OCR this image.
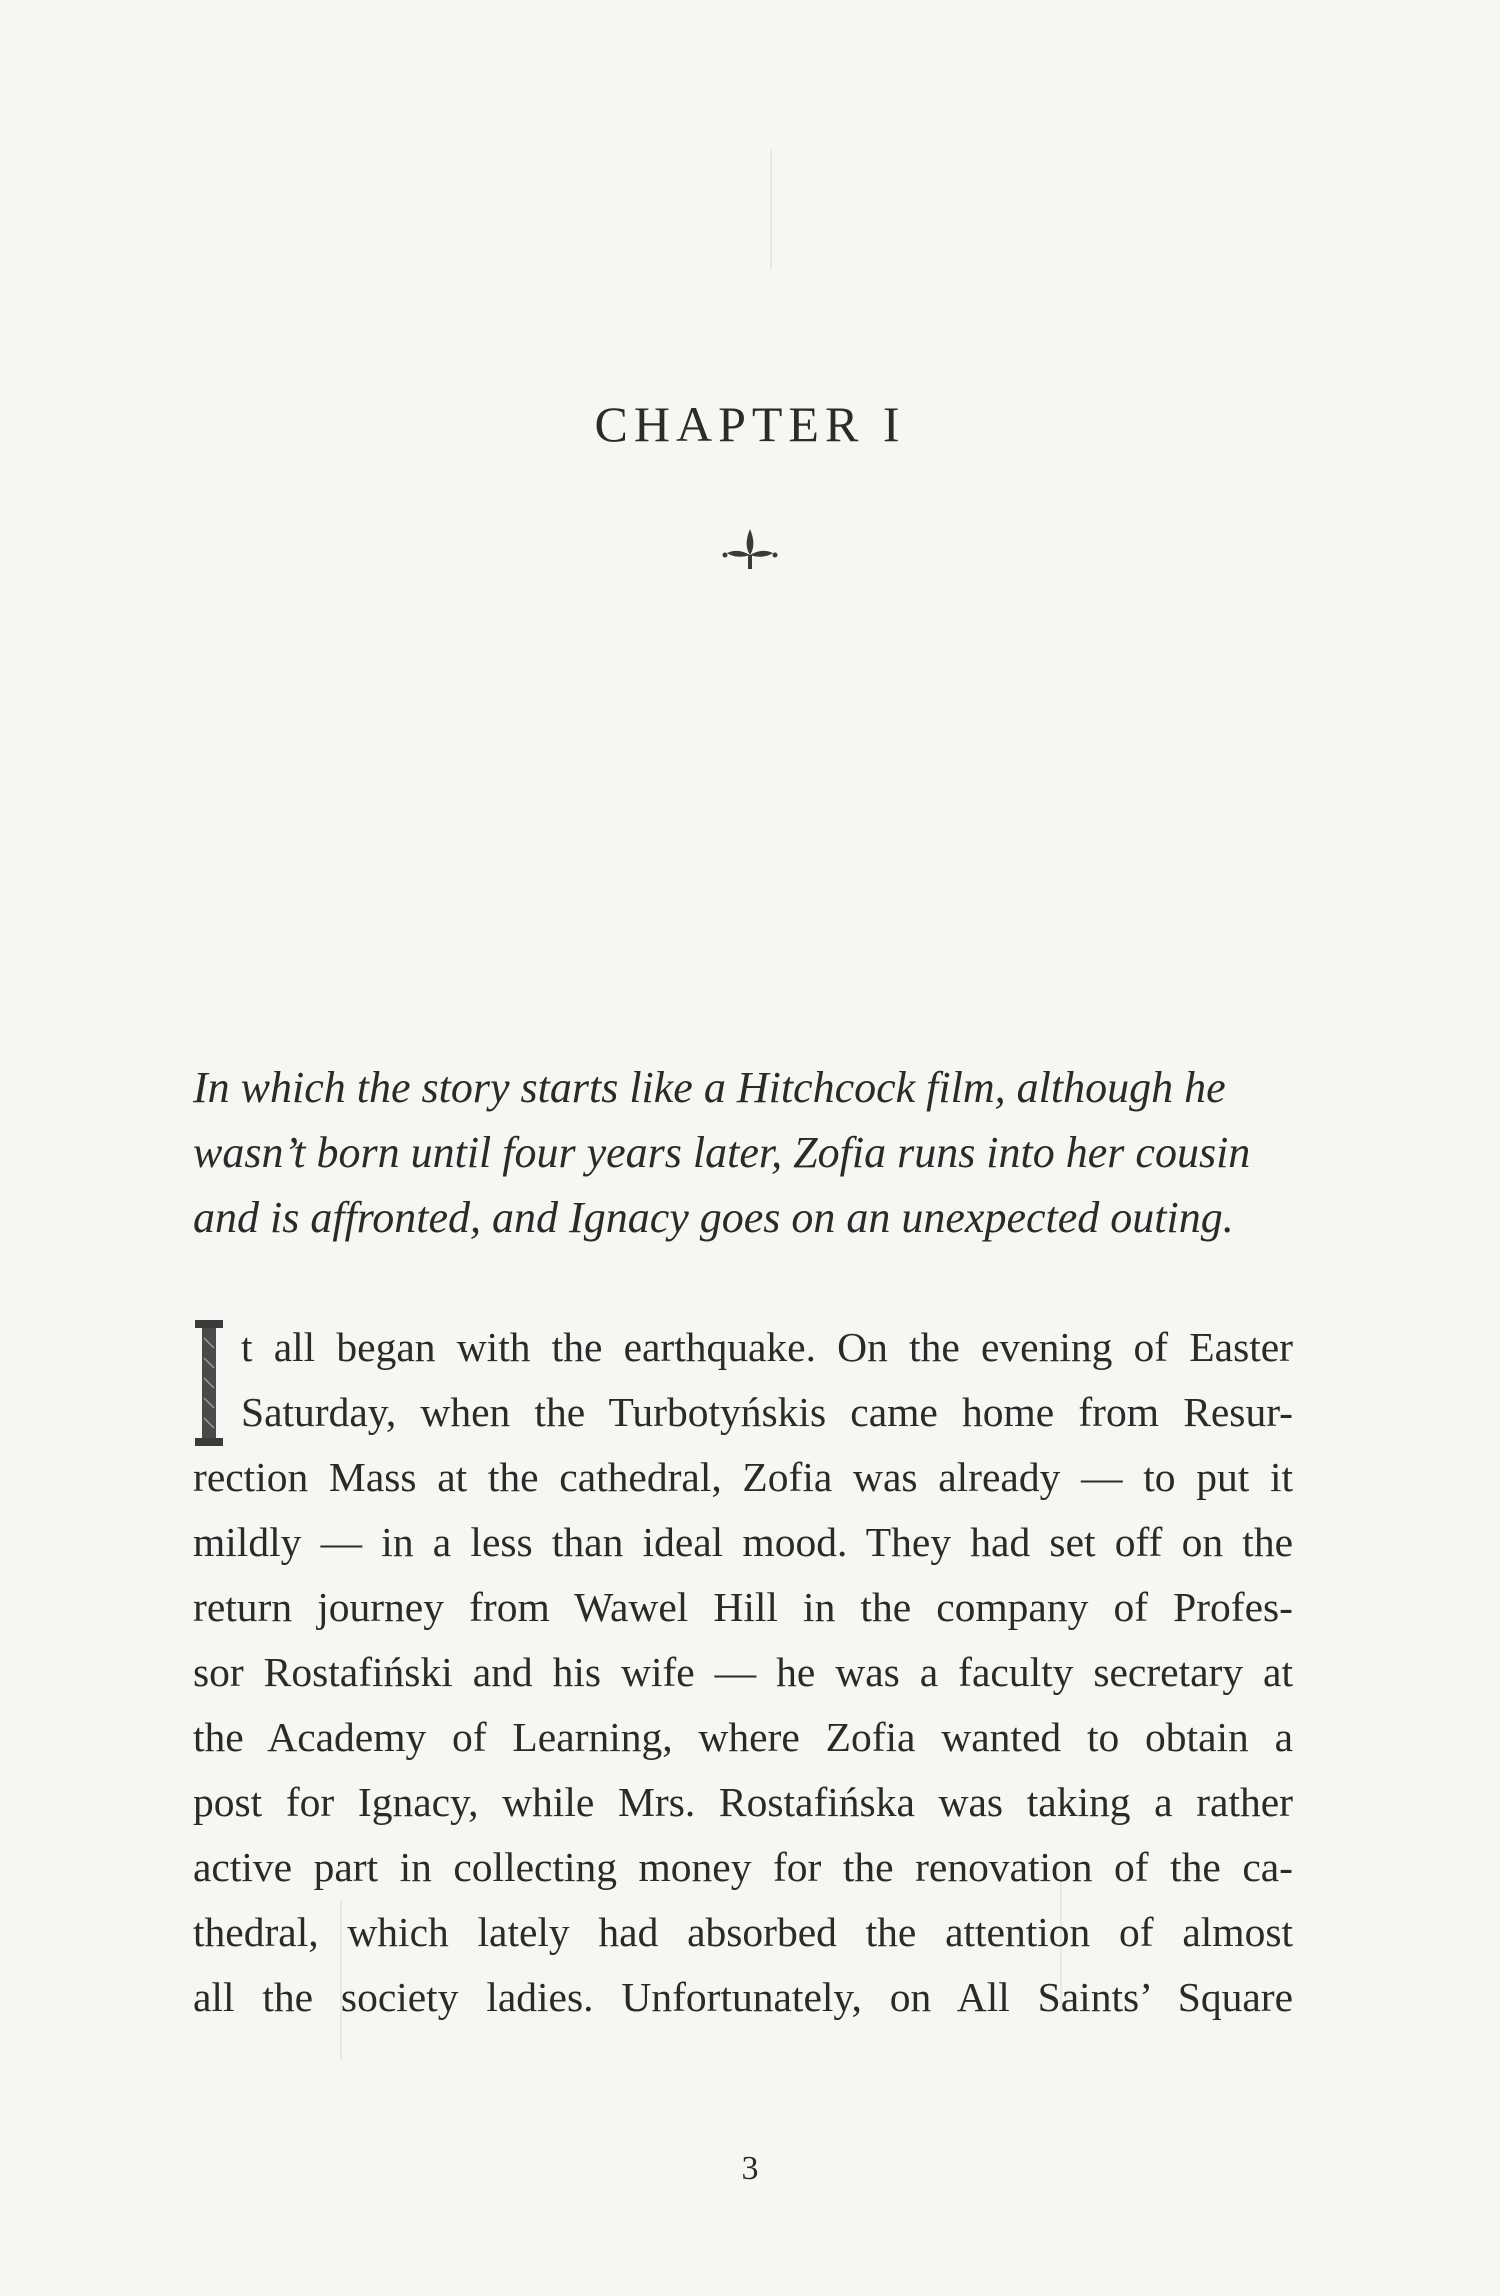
CHAPTER I
In which the story starts like a Hitchcock film, although he
wasn’t born until four years later, Zofia runs into her cousin
and is affronted, and Ignacy goes on an unexpected outing.
t all began with the earthquake. On the evening of Easter
Saturday, when the Turbotyńskis came home from Resur-
rection Mass at the cathedral, Zofia was already — to put it
mildly — in a less than ideal mood. They had set off on the
return journey from Wawel Hill in the company of Profes-
sor Rostafiński and his wife — he was a faculty secretary at
the Academy of Learning, where Zofia wanted to obtain a
post for Ignacy, while Mrs. Rostafińska was taking a rather
active part in collecting money for the renovation of the ca-
thedral, which lately had absorbed the attention of almost
all the society ladies. Unfortunately, on All Saints’ Square
3
